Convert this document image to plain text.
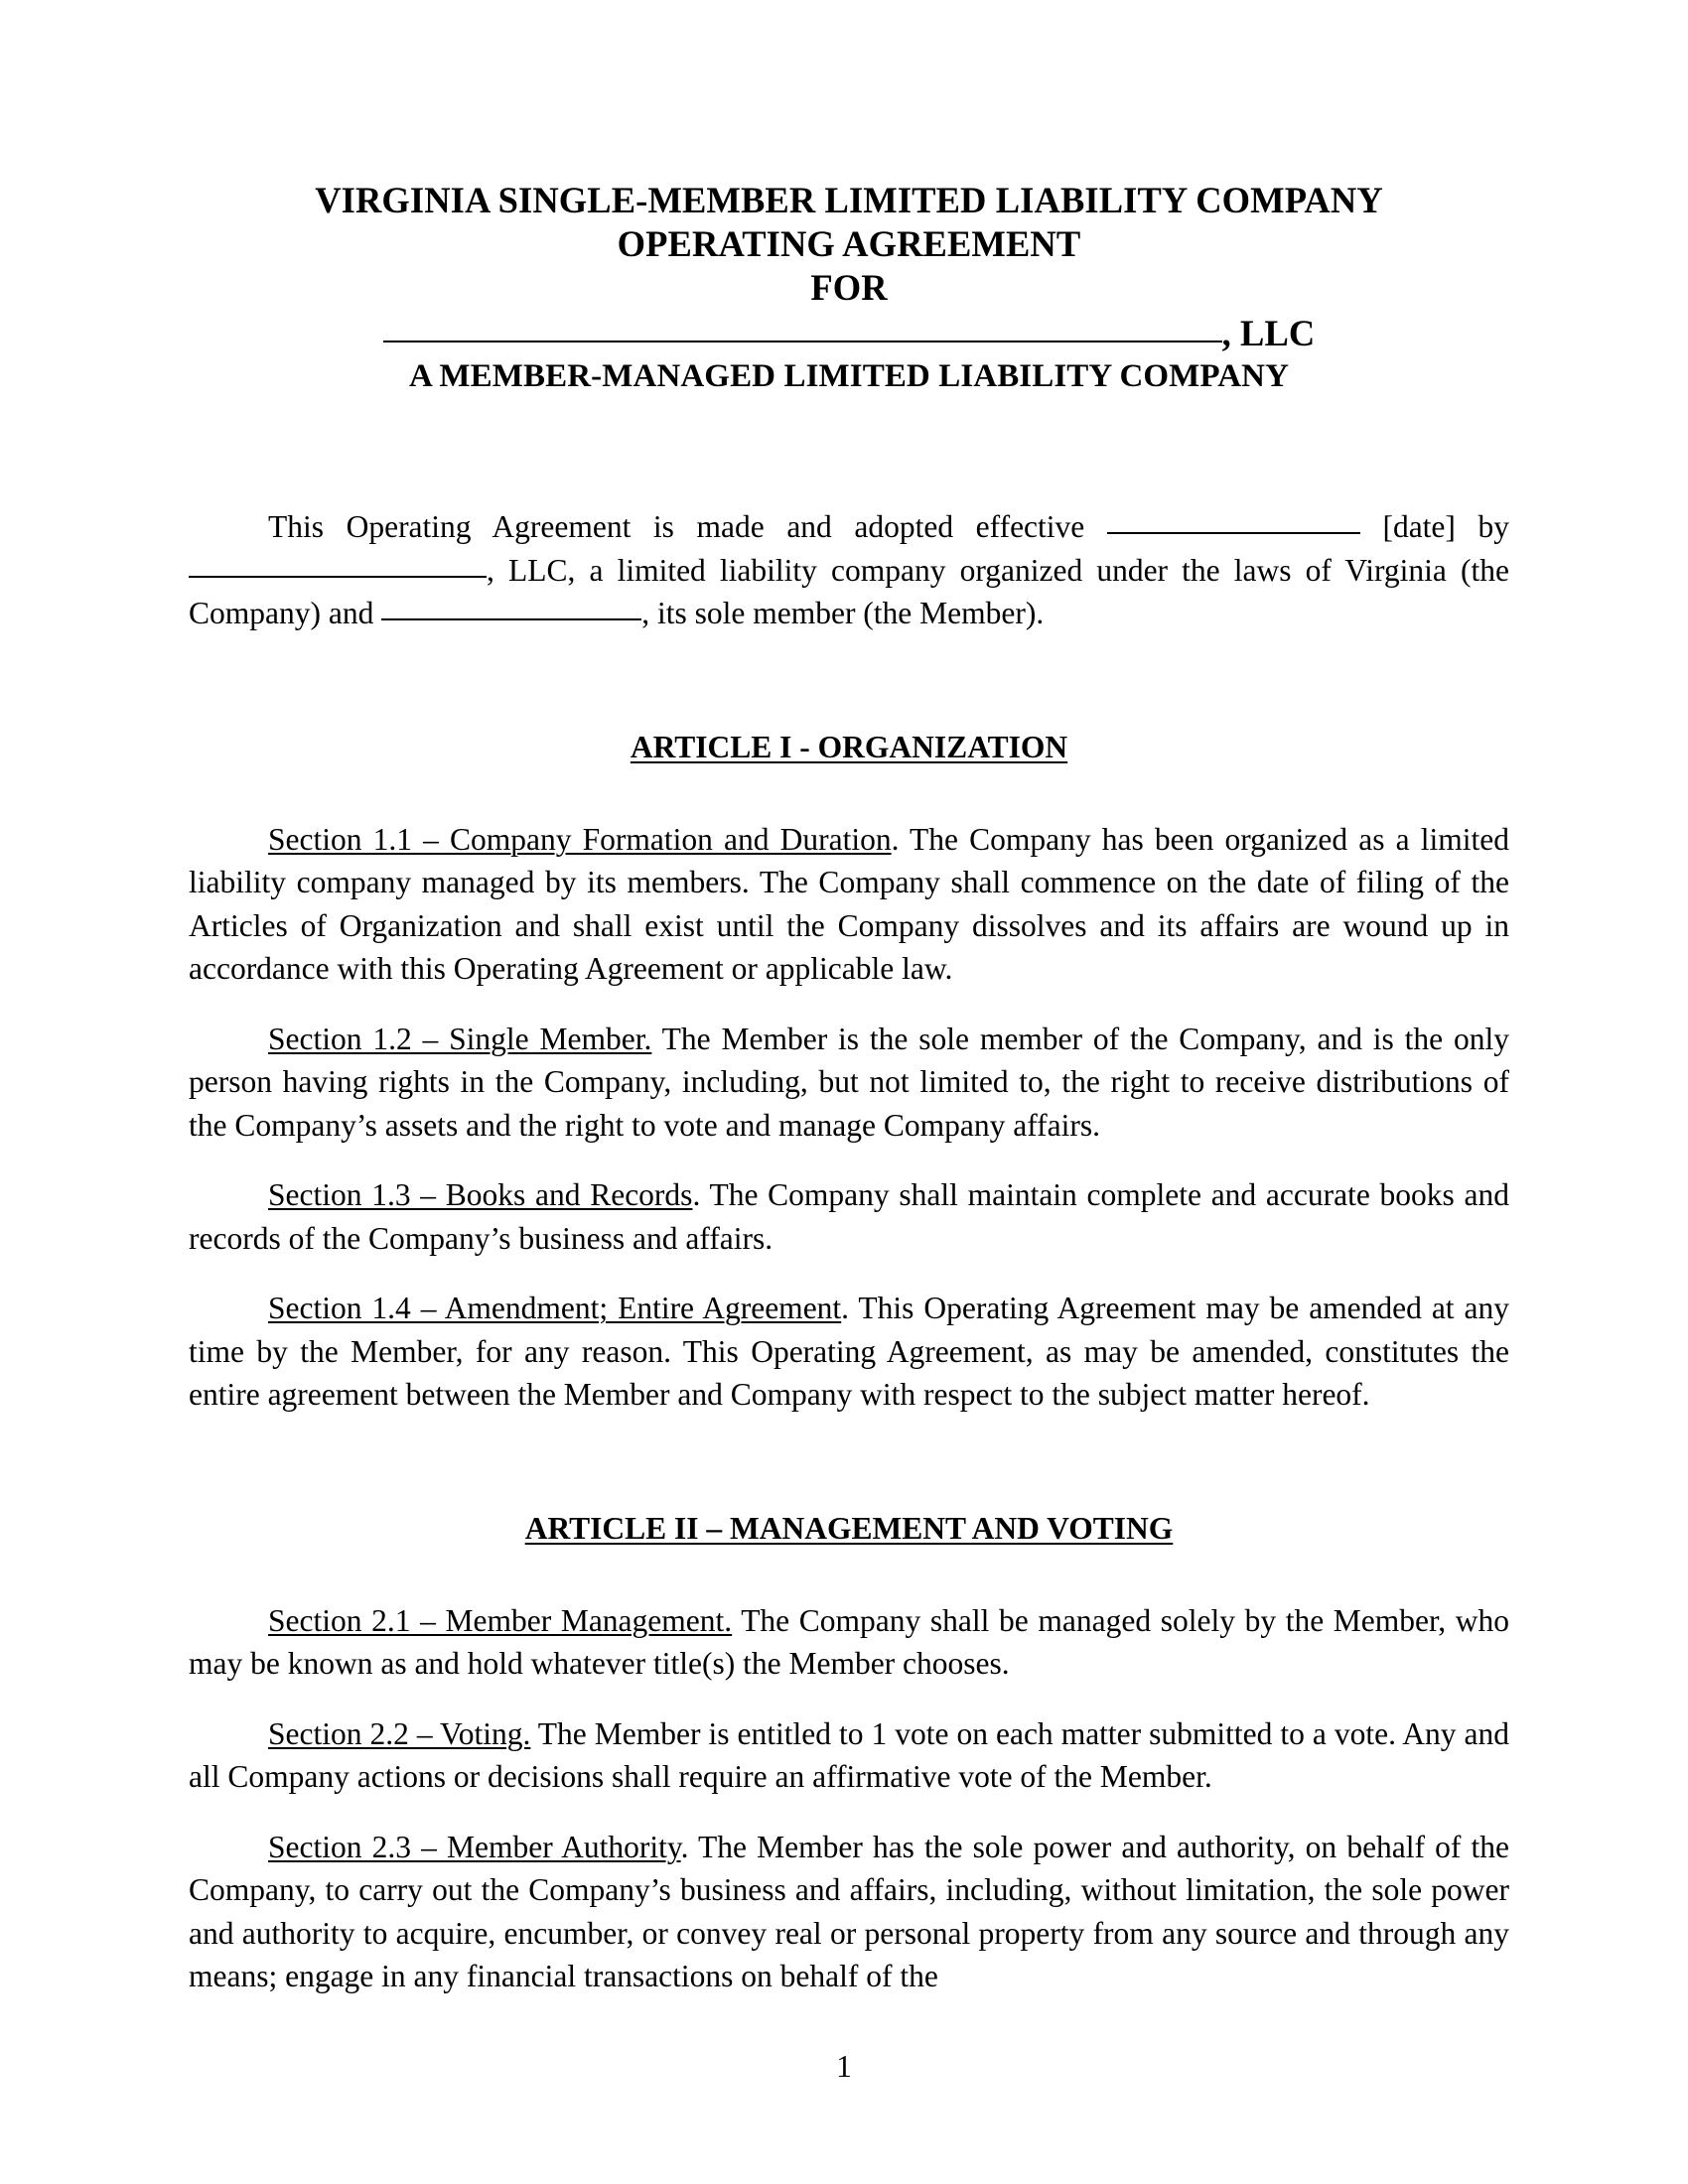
VIRGINIA SINGLE-MEMBER LIMITED LIABILITY COMPANY
OPERATING AGREEMENT
FOR
, LLC
A MEMBER-MANAGED LIMITED LIABILITY COMPANY

This Operating Agreement is made and adopted effective	[date] by , LLC, a limited liability company organized under the laws of Virginia (the Company) and	, its sole member (the Member).

ARTICLE I - ORGANIZATION

Section 1.1 – Company Formation and Duration. The Company has been organized as a limited liability company managed by its members. The Company shall commence on the date of filing of the Articles of Organization and shall exist until the Company dissolves and its affairs are wound up in accordance with this Operating Agreement or applicable law.

Section 1.2 – Single Member. The Member is the sole member of the Company, and is the only person having rights in the Company, including, but not limited to, the right to receive distributions of the Company’s assets and the right to vote and manage Company affairs.

Section 1.3 – Books and Records. The Company shall maintain complete and accurate books and records of the Company’s business and affairs.

Section 1.4 – Amendment; Entire Agreement. This Operating Agreement may be amended at any time by the Member, for any reason. This Operating Agreement, as may be amended, constitutes the entire agreement between the Member and Company with respect to the subject matter hereof.

ARTICLE II – MANAGEMENT AND VOTING

Section 2.1 – Member Management. The Company shall be managed solely by the Member, who may be known as and hold whatever title(s) the Member chooses.

Section 2.2 – Voting. The Member is entitled to 1 vote on each matter submitted to a vote. Any and all Company actions or decisions shall require an affirmative vote of the Member.

Section 2.3 – Member Authority. The Member has the sole power and authority, on behalf of the Company, to carry out the Company’s business and affairs, including, without limitation, the sole power and authority to acquire, encumber, or convey real or personal property from any source and through any means; engage in any financial transactions on behalf of the

1
